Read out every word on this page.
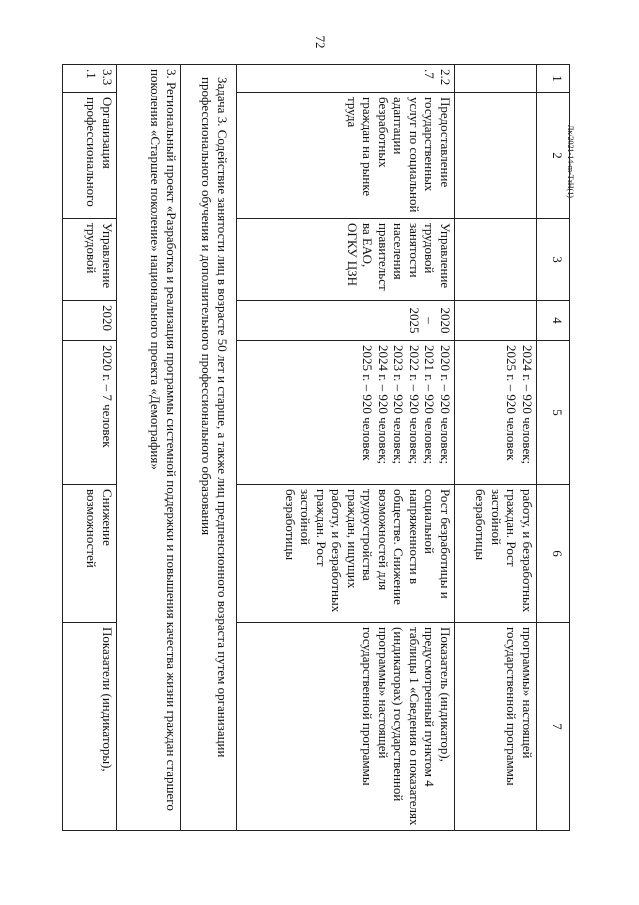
72
Лк/2021-14-m-ТзН(1)
1	2	3	4	5	6	7
				2024 г. – 920 человек; 2025 г. – 920 человек	работу, и безработных граждан. Рост застойной безработицы	программы» настоящей государственной программы
2.2.7	Предоставление государственных услуг по социальной адаптации безработных граждан на рынке труда	Управление трудовой занятости населения правительства ЕАО, ОГКУ ЦЗН	2020 – 2025	2020 г. – 920 человек; 2021 г. – 920 человек; 2022 г. – 920 человек; 2023 г. – 920 человек; 2024 г. – 920 человек; 2025 г. – 920 человек	Рост безработицы и социальной напряженности в обществе. Снижение возможностей для трудоустройства граждан, ищущих работу, и безработных граждан. Рост застойной безработицы	Показатель (индикатор), предусмотренный пунктом 4 таблицы 1 «Сведения о показателях (индикаторах) государственной программы» настоящей государственной программы
Задача 3. Содействие занятости лиц в возрасте 50 лет и старше, а также лиц предпенсионного возраста путем организации профессионального обучения и дополнительного профессионального образования						
3. Региональный проект «Разработка и реализация программы системной поддержки и повышения качества жизни граждан старшего поколения «Старшее поколение» национального проекта «Демография»						
3.3.1	Организация профессионального	Управление трудовой	2020	2020 г. – 7 человек	Снижение возможностей	Показатели (индикаторы),
